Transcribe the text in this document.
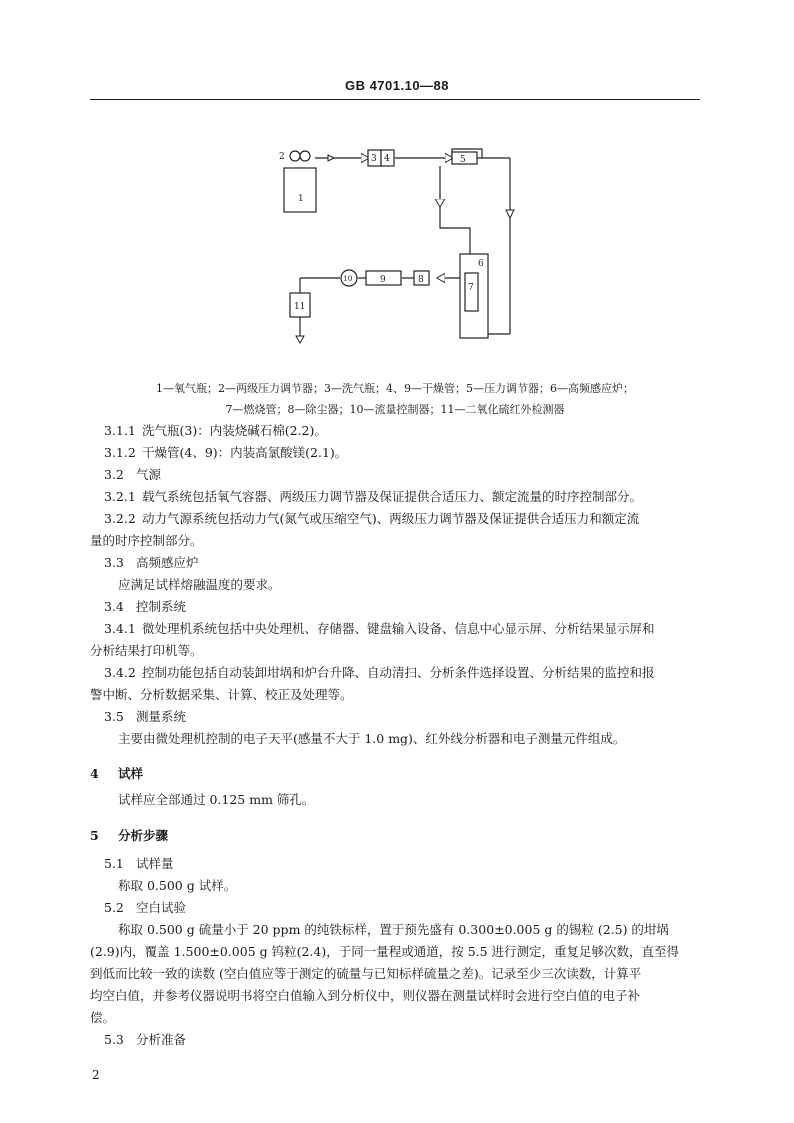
GB 4701.10—88
1
2	3 4	5
6
7
8
9
10
11
1—氧气瓶；2—两级压力调节器；3—洗气瓶；4、9—干燥管；5—压力调节器；6—高频感应炉；
7—燃烧管；8—除尘器；10—流量控制器；11—二氧化硫红外检测器
3.1.1 洗气瓶(3)：内装烧碱石棉(2.2)。
3.1.2 干燥管(4、9)：内装高氯酸镁(2.1)。
3.2 气源
3.2.1 载气系统包括氧气容器、两级压力调节器及保证提供合适压力、额定流量的时序控制部分。
3.2.2 动力气源系统包括动力气(氮气或压缩空气)、两级压力调节器及保证提供合适压力和额定流
量的时序控制部分。
3.3 高频感应炉
应满足试样熔融温度的要求。
3.4 控制系统
3.4.1 微处理机系统包括中央处理机、存储器、键盘输入设备、信息中心显示屏、分析结果显示屏和
分析结果打印机等。
3.4.2 控制功能包括自动装卸坩埚和炉台升降、自动清扫、分析条件选择设置、分析结果的监控和报
警中断、分析数据采集、计算、校正及处理等。
3.5 测量系统
主要由微处理机控制的电子天平(感量不大于 1.0 mg)、红外线分析器和电子测量元件组成。
4 试样
试样应全部通过 0.125 mm 筛孔。
5 分析步骤
5.1 试样量
称取 0.500 g 试样。
5.2 空白试验
称取 0.500 g 硫量小于 20 ppm 的纯铁标样，置于预先盛有 0.300±0.005 g 的锡粒 (2.5) 的坩埚
(2.9)内，覆盖 1.500±0.005 g 钨粒(2.4)，于同一量程或通道，按 5.5 进行测定，重复足够次数，直至得
到低而比较一致的读数 (空白值应等于测定的硫量与已知标样硫量之差)。记录至少三次读数，计算平
均空白值，并参考仪器说明书将空白值输入到分析仪中，则仪器在测量试样时会进行空白值的电子补
偿。
5.3 分析准备
2
